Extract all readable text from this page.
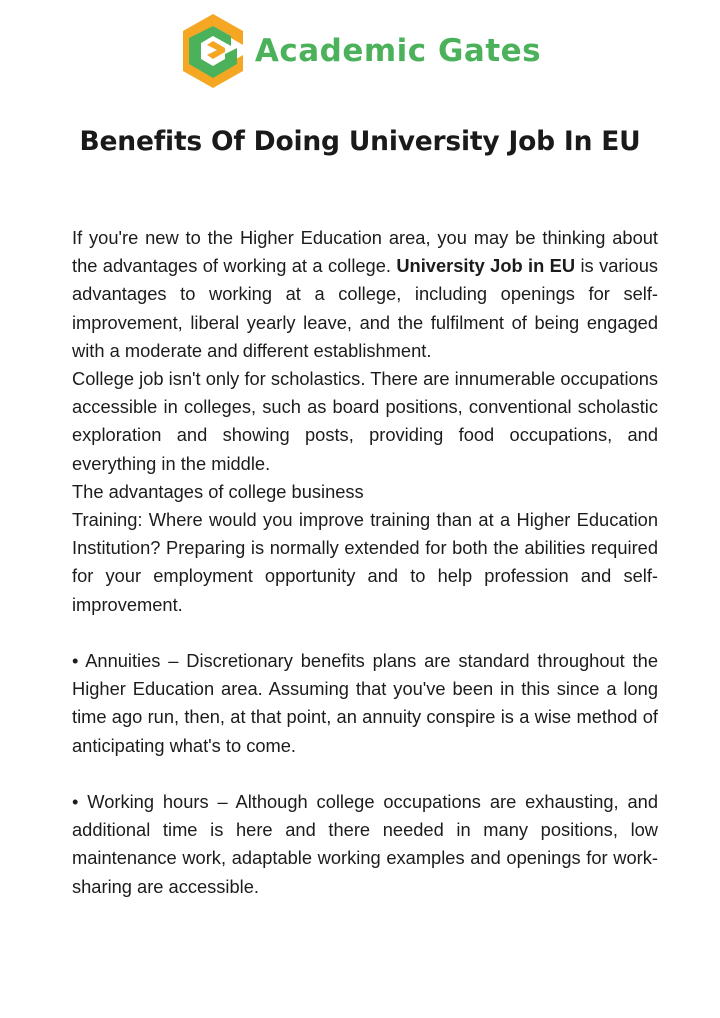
Academic Gates
Benefits Of Doing University Job In EU

If you're new to the Higher Education area, you may be thinking about the advantages of working at a college. University Job in EU is various advantages to working at a college, including openings for self-improvement, liberal yearly leave, and the fulfilment of being engaged with a moderate and different establishment.

College job isn't only for scholastics. There are innumerable occupations accessible in colleges, such as board positions, conventional scholastic exploration and showing posts, providing food occupations, and everything in the middle.

The advantages of college business

Training: Where would you improve training than at a Higher Education Institution? Preparing is normally extended for both the abilities required for your employment opportunity and to help profession and self-improvement.

• Annuities – Discretionary benefits plans are standard throughout the Higher Education area. Assuming that you've been in this since a long time ago run, then, at that point, an annuity conspire is a wise method of anticipating what's to come.

• Working hours – Although college occupations are exhausting, and additional time is here and there needed in many positions, low maintenance work, adaptable working examples and openings for work-sharing are accessible.
